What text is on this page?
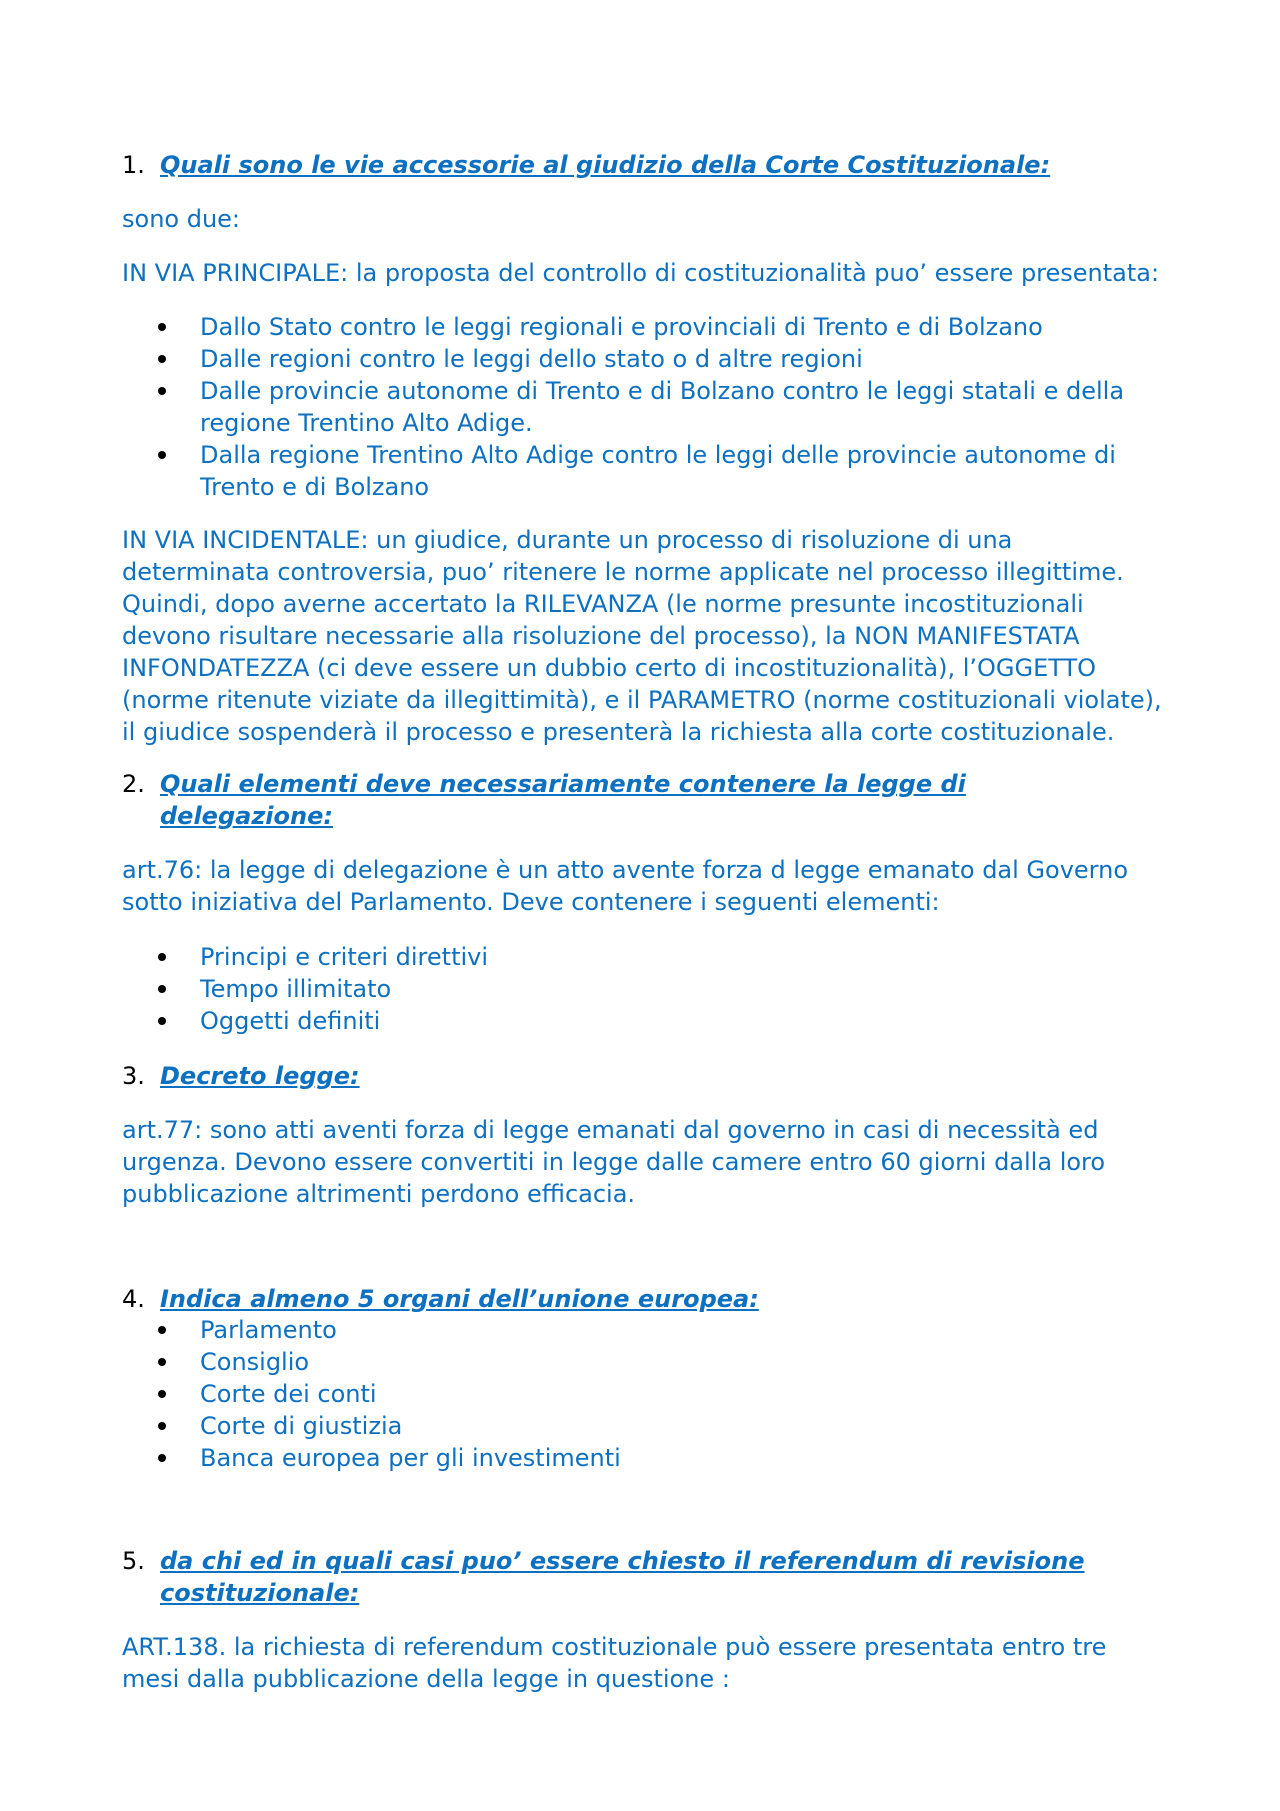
1. Quali sono le vie accessorie al giudizio della Corte Costituzionale:

sono due:

IN VIA PRINCIPALE: la proposta del controllo di costituzionalità puo’ essere presentata:

Dallo Stato contro le leggi regionali e provinciali di Trento e di Bolzano
Dalle regioni contro le leggi dello stato o d altre regioni
Dalle provincie autonome di Trento e di Bolzano contro le leggi statali e della regione Trentino Alto Adige.
Dalla regione Trentino Alto Adige contro le leggi delle provincie autonome di Trento e di Bolzano

IN VIA INCIDENTALE: un giudice, durante un processo di risoluzione di una determinata controversia, puo’ ritenere le norme applicate nel processo illegittime. Quindi, dopo averne accertato la RILEVANZA (le norme presunte incostituzionali devono risultare necessarie alla risoluzione del processo), la NON MANIFESTATA INFONDATEZZA (ci deve essere un dubbio certo di incostituzionalità), l’OGGETTO (norme ritenute viziate da illegittimità), e il PARAMETRO (norme costituzionali violate), il giudice sospenderà il processo e presenterà la richiesta alla corte costituzionale.

2. Quali elementi deve necessariamente contenere la legge di delegazione:

art.76: la legge di delegazione è un atto avente forza d legge emanato dal Governo sotto iniziativa del Parlamento. Deve contenere i seguenti elementi:

Principi e criteri direttivi
Tempo illimitato
Oggetti definiti
3. Decreto legge:

art.77: sono atti aventi forza di legge emanati dal governo in casi di necessità ed urgenza. Devono essere convertiti in legge dalle camere entro 60 giorni dalla loro pubblicazione altrimenti perdono efficacia.

4. Indica almeno 5 organi dell’unione europea:
Parlamento
Consiglio
Corte dei conti
Corte di giustizia
Banca europea per gli investimenti
5. da chi ed in quali casi puo’ essere chiesto il referendum di revisione costituzionale:

ART.138. la richiesta di referendum costituzionale può essere presentata entro tre mesi dalla pubblicazione della legge in questione :
